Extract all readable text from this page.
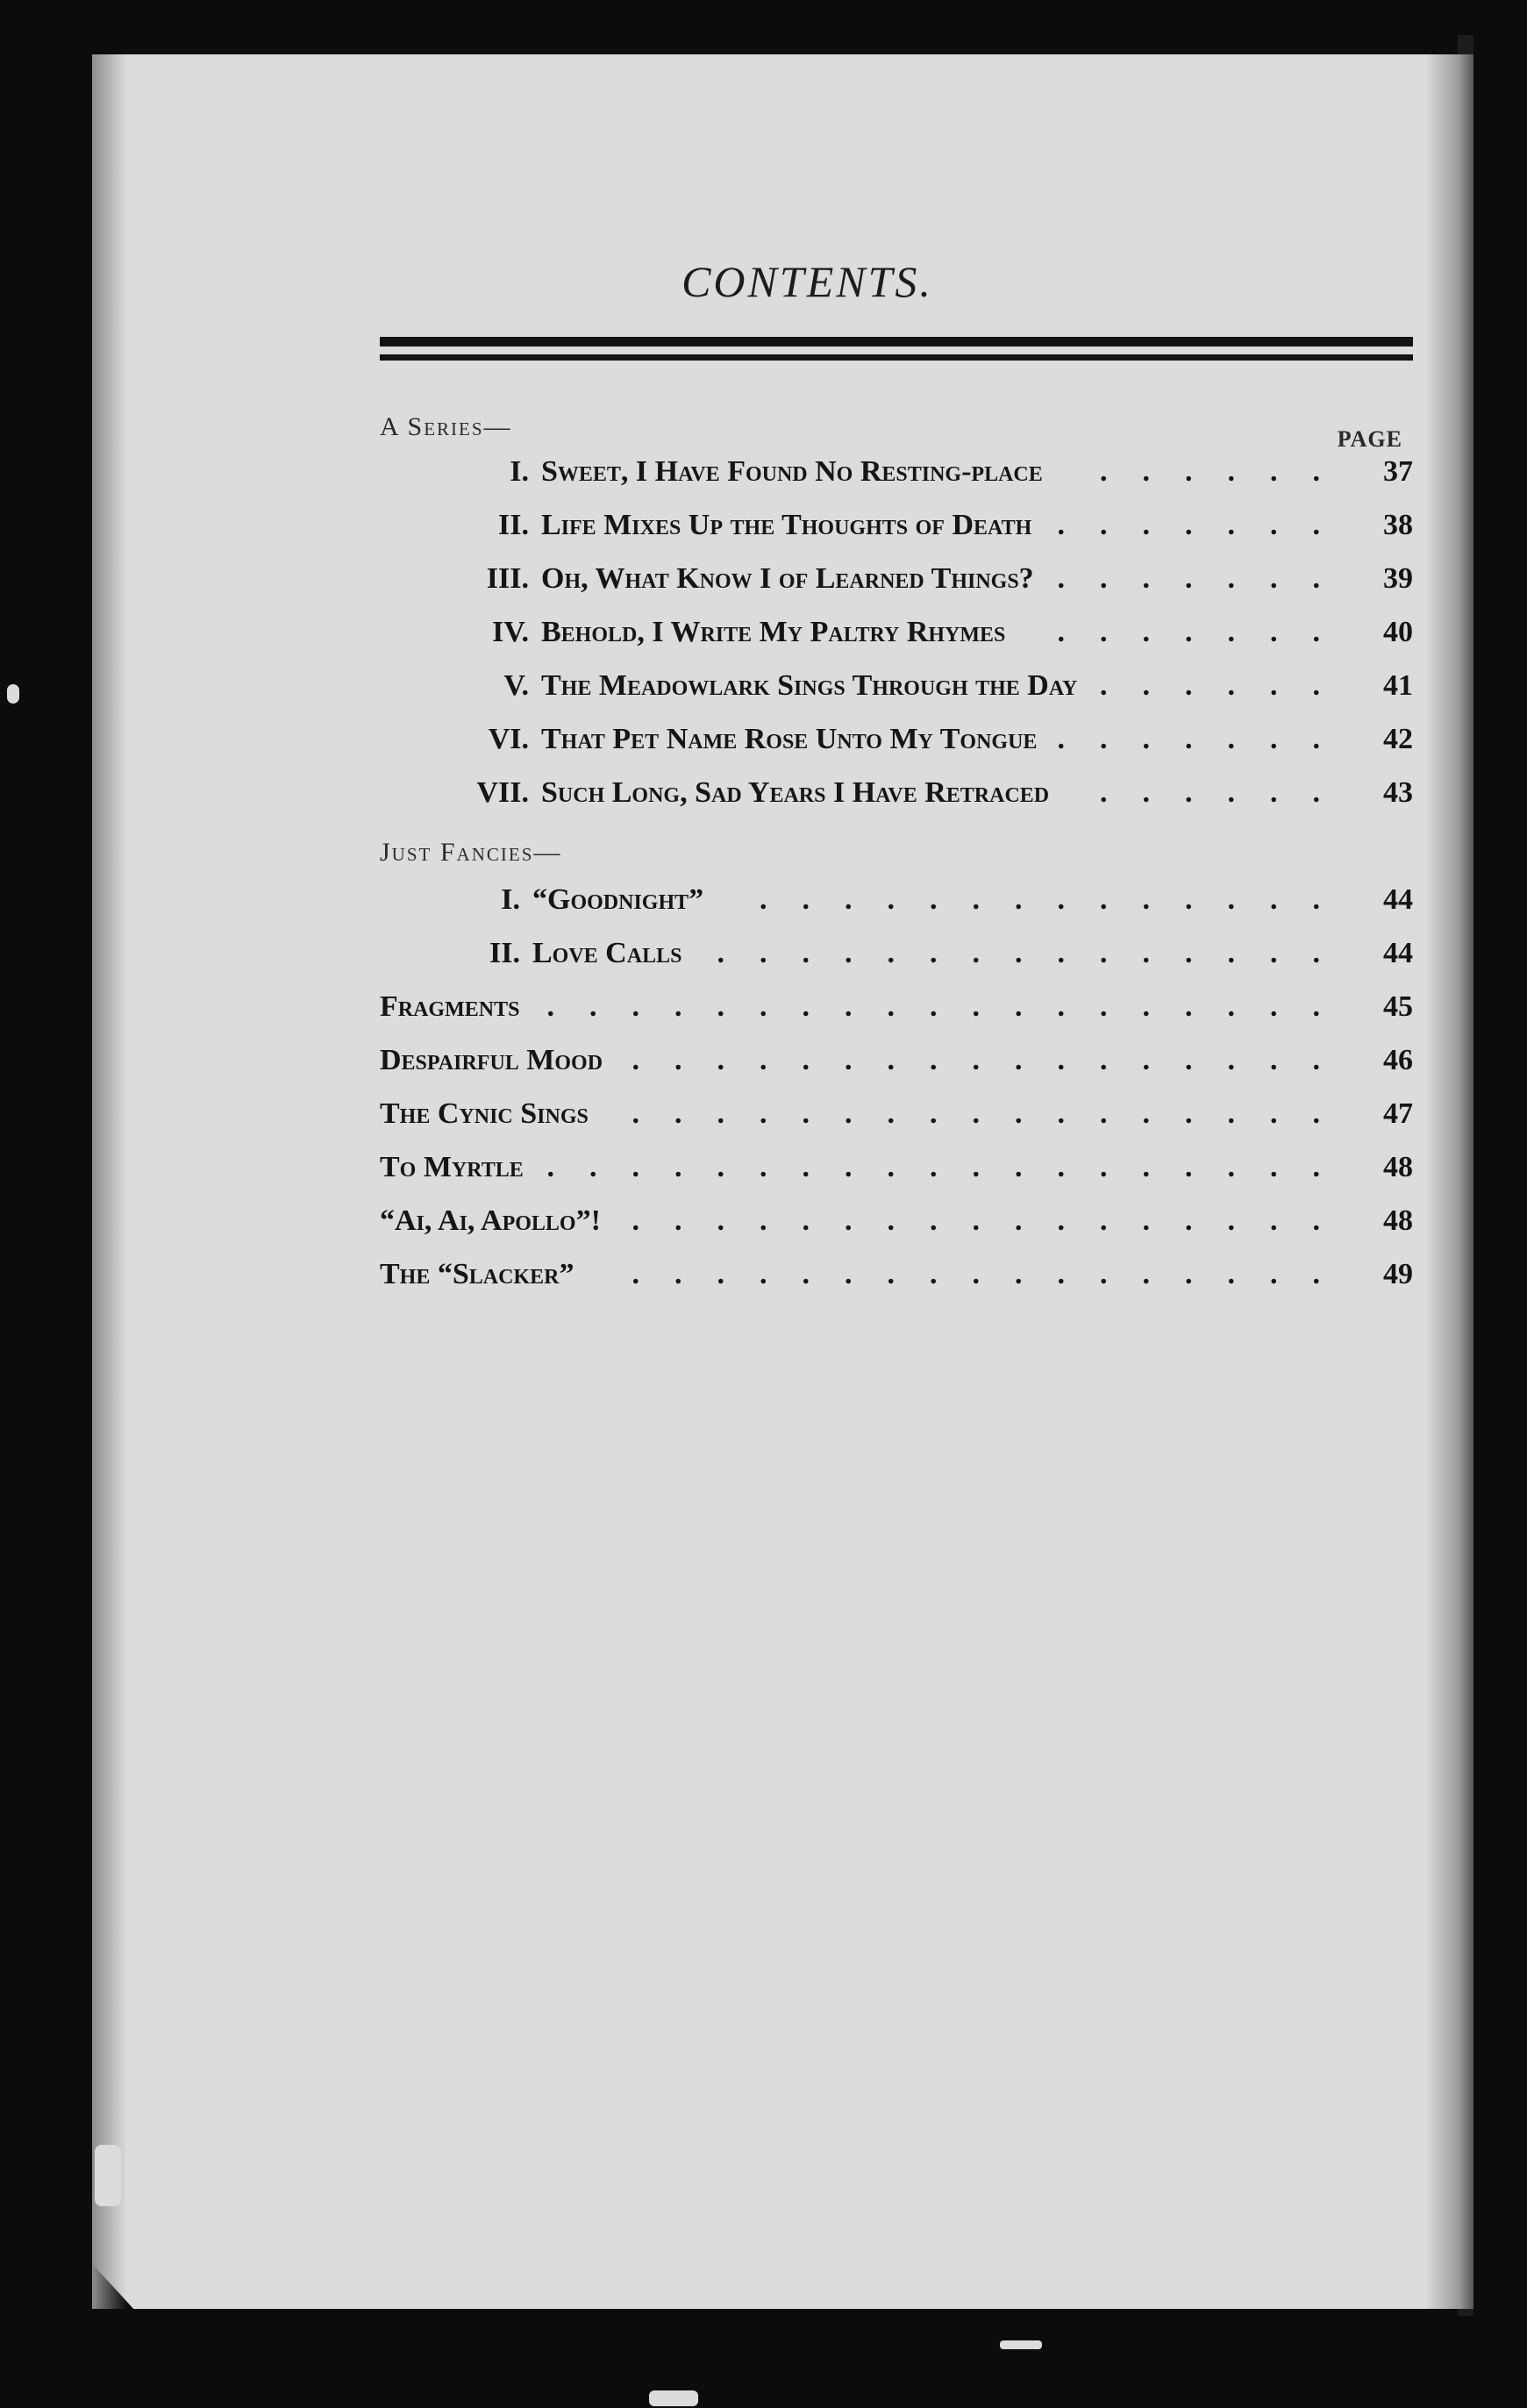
CONTENTS.
A Series—	PAGE
I. Sweet, I Have Found No Resting-place	...... 37
II. Life Mixes Up the Thoughts of Death ....... 38
III. Oh, What Know I of Learned Things? ....... 39
IV. Behold, I Write My Paltry Rhymes	....... 40
V. The Meadowlark Sings Through the Day ...... 41
VI. That Pet Name Rose Unto My Tongue ....... 42
VII. Such Long, Sad Years I Have Retraced	...... 43
Just Fancies—
I. “Goodnight”	.............. 44
II. Love Calls	............... 44
Fragments ................... 45
Despairful Mood ................. 46
The Cynic Sings	................. 47
To Myrtle ................... 48
“Ai, Ai, Apollo”!	................. 48
The “Slacker”	................. 49
